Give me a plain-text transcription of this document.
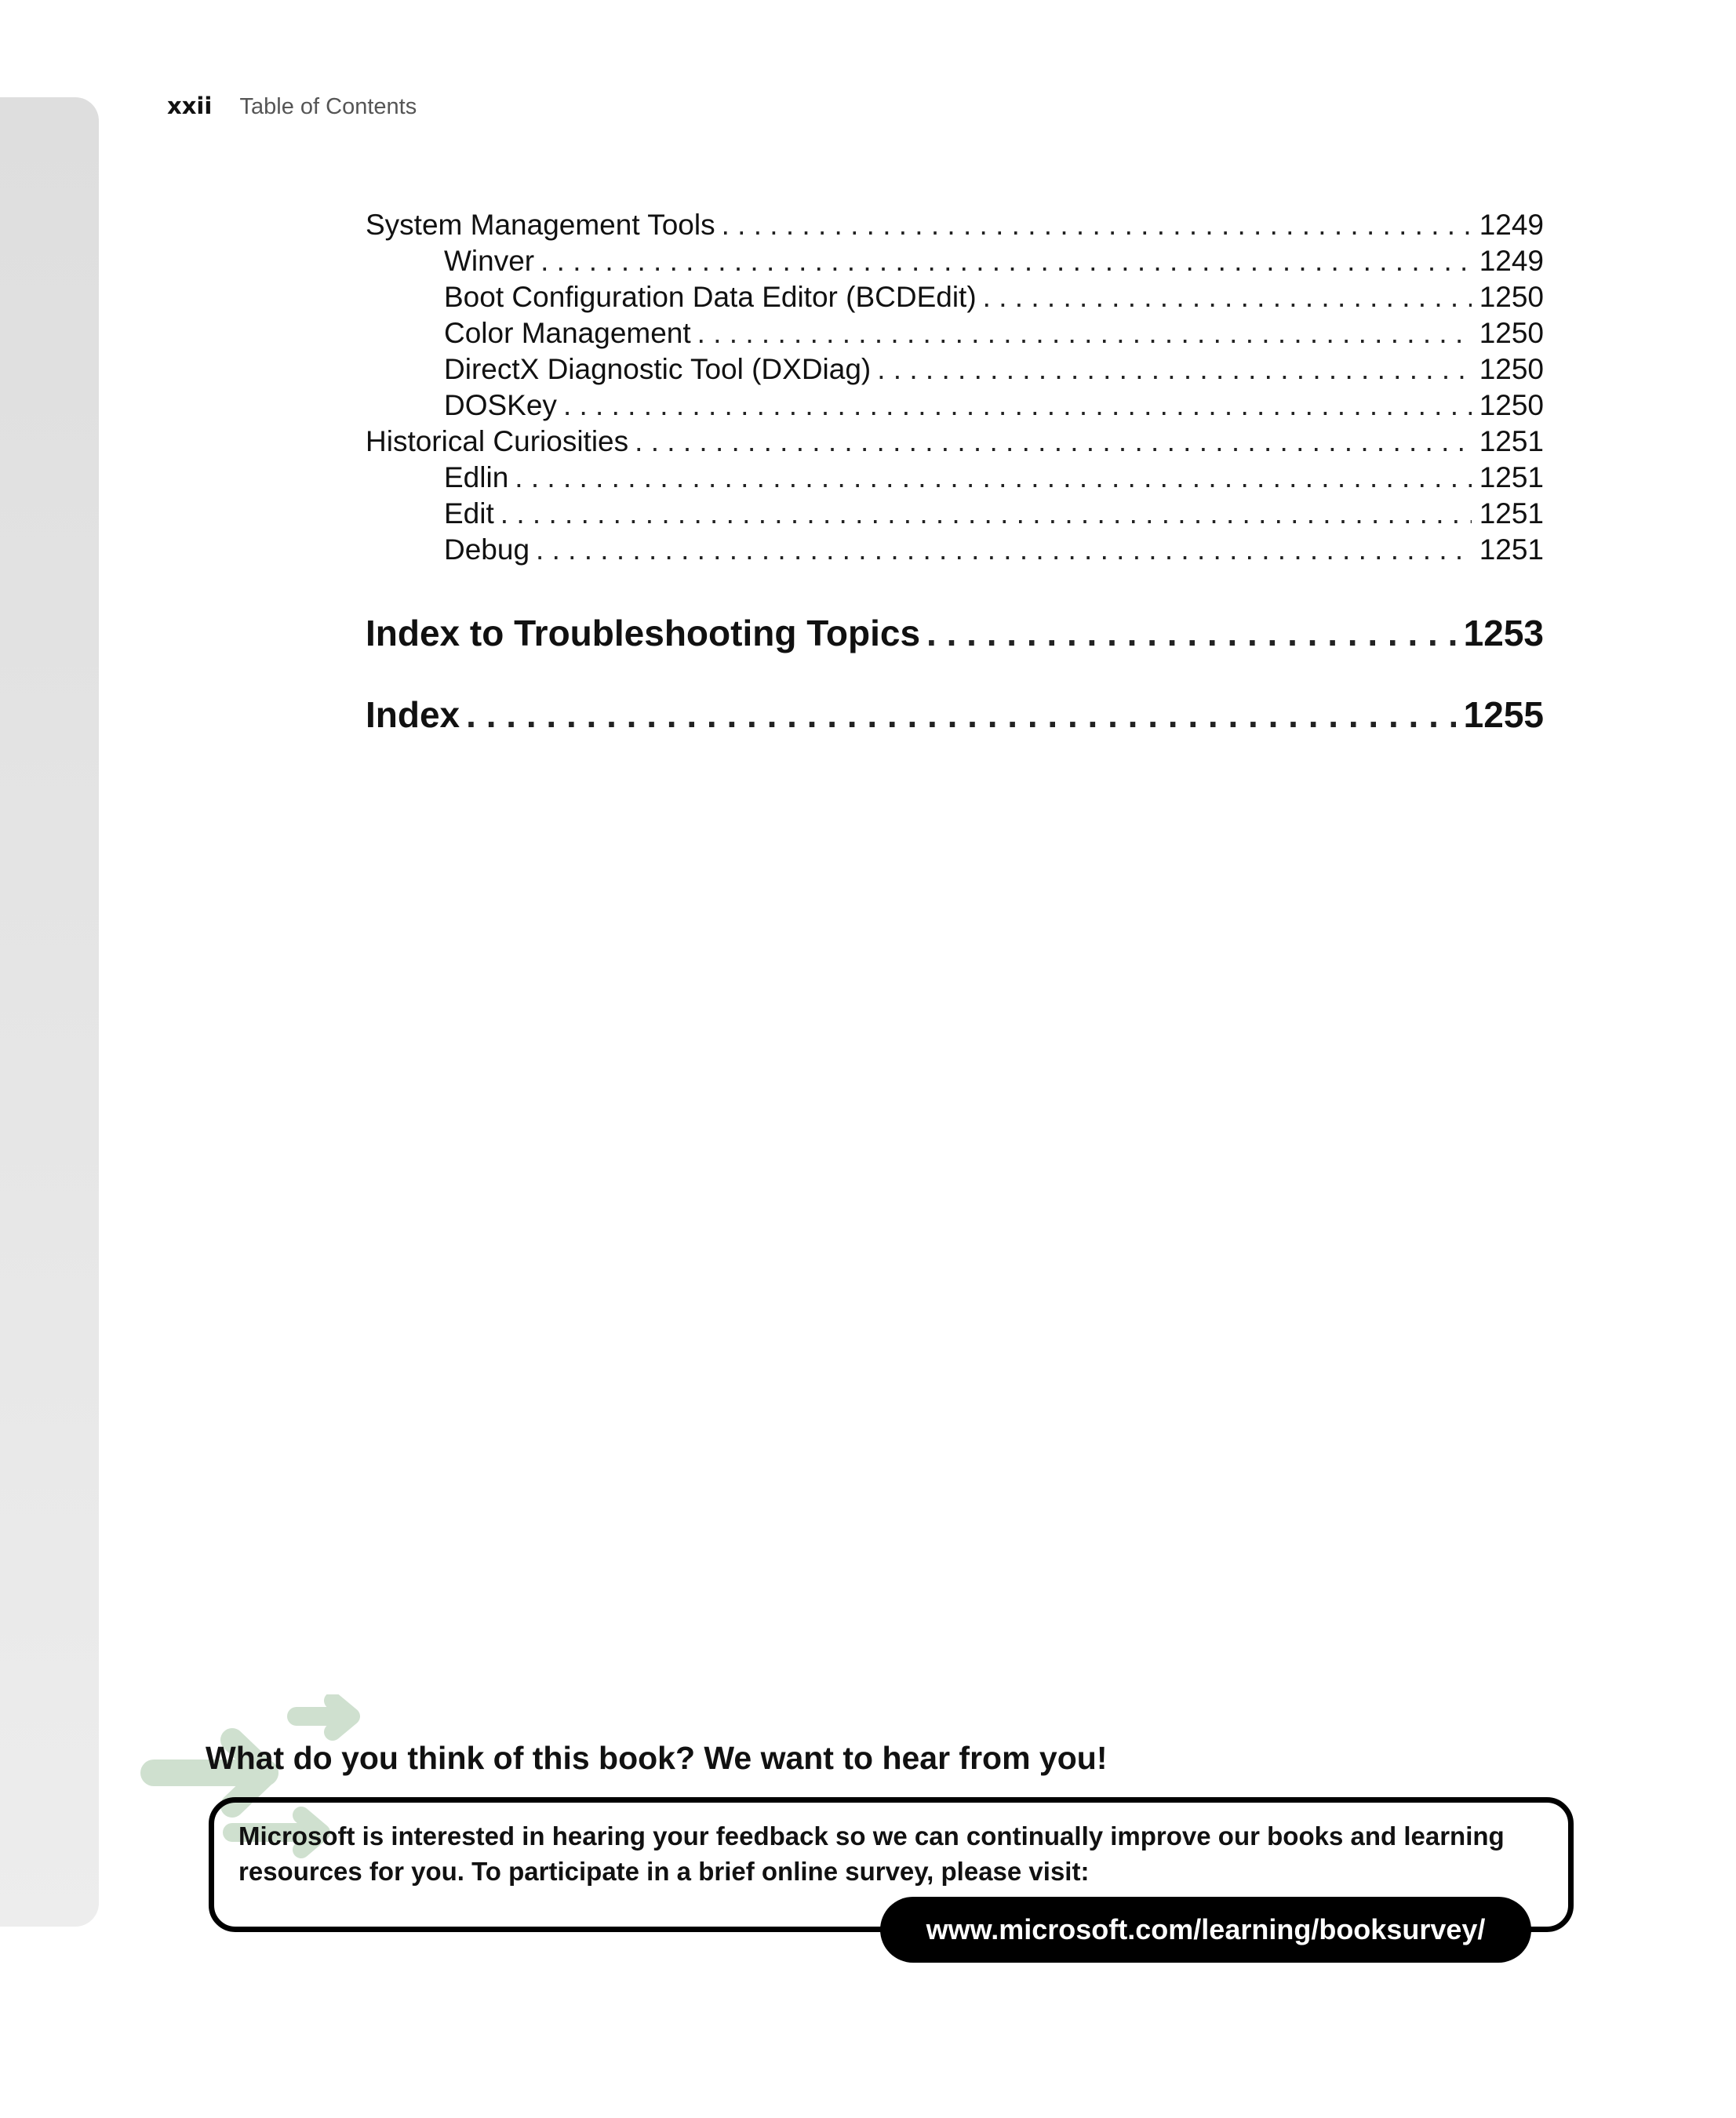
xxii Table of Contents
System Management Tools . . .	1249
Winver . . .	1249
Boot Configuration Data Editor (BCDEdit) . . .	1250
Color Management . . .	1250
DirectX Diagnostic Tool (DXDiag) . . .	1250
DOSKey . . .	1250
Historical Curiosities . . .	1251
Edlin . . .	1251
Edit . . .	1251
Debug . . .	1251
Index to Troubleshooting Topics . . .	1253
Index . . .	1255
What do you think of this book? We want to hear from you!
Microsoft is interested in hearing your feedback so we can continually improve our books and learning resources for you. To participate in a brief online survey, please visit:
www.microsoft.com/learning/booksurvey/
